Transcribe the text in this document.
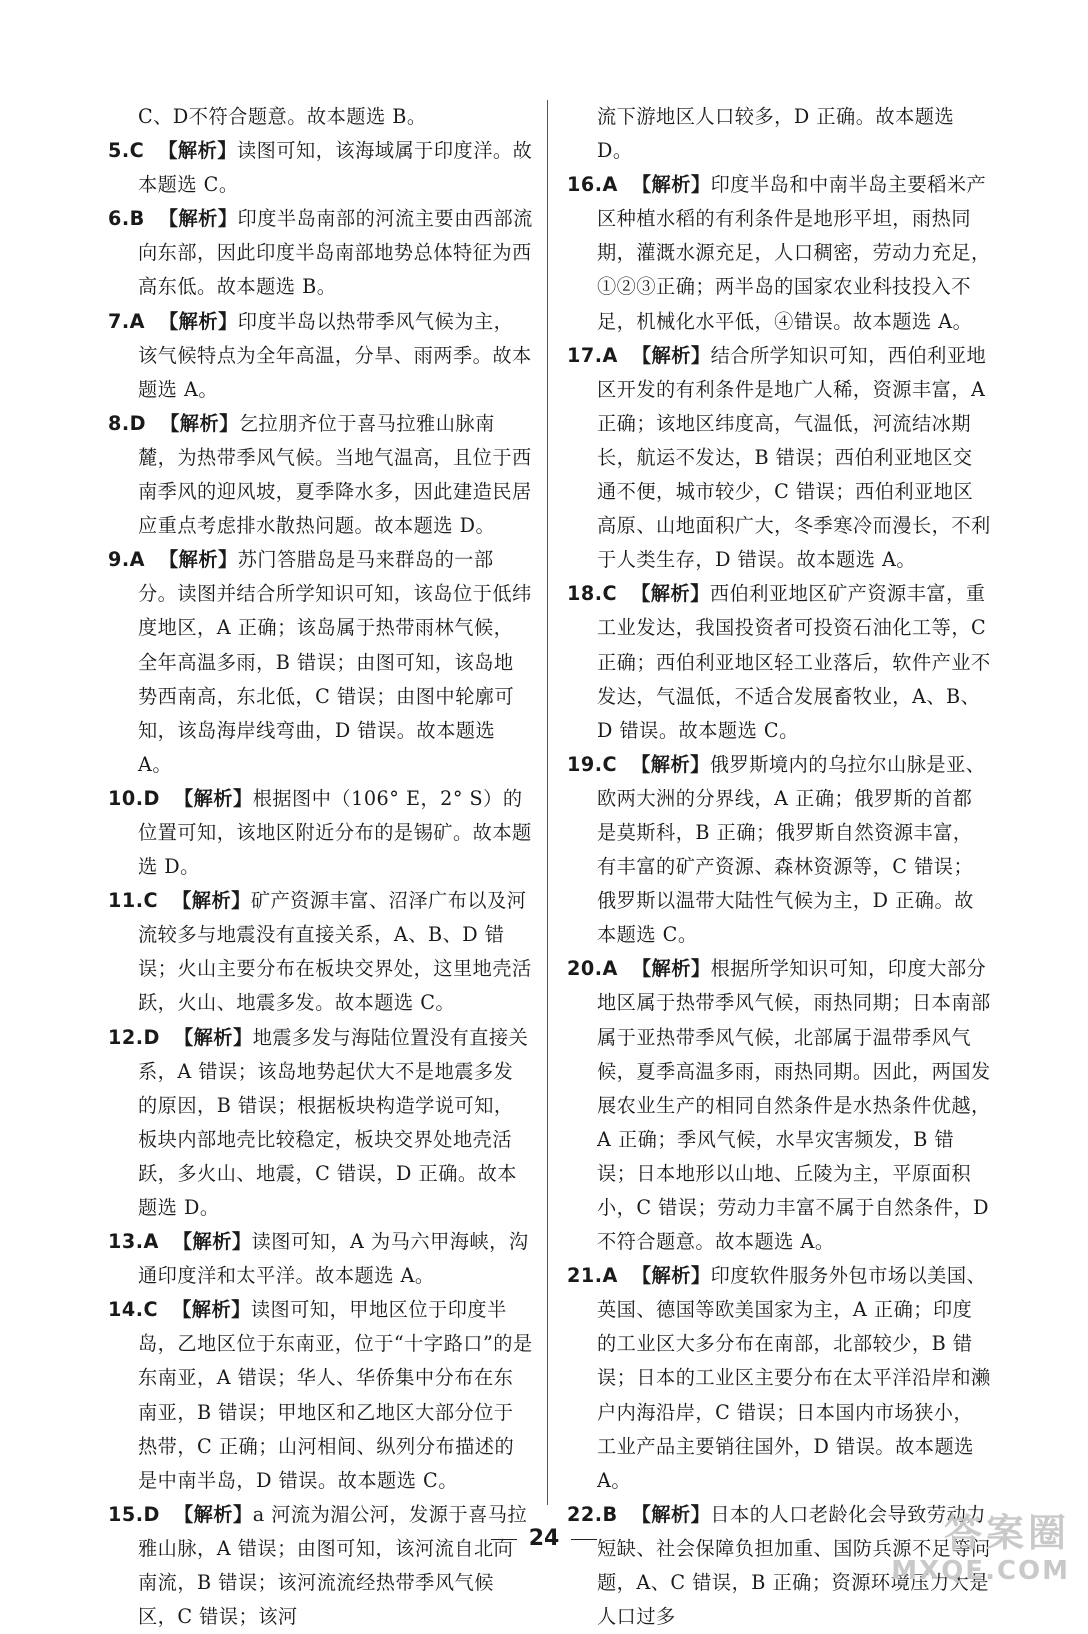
C、D不符合题意。故本题选 B。

5.C 【解析】读图可知，该海域属于印度洋。故本题选 C。

6.B 【解析】印度半岛南部的河流主要由西部流向东部，因此印度半岛南部地势总体特征为西高东低。故本题选 B。

7.A 【解析】印度半岛以热带季风气候为主，该气候特点为全年高温，分旱、雨两季。故本题选 A。

8.D 【解析】乞拉朋齐位于喜马拉雅山脉南麓，为热带季风气候。当地气温高，且位于西南季风的迎风坡，夏季降水多，因此建造民居应重点考虑排水散热问题。故本题选 D。

9.A 【解析】苏门答腊岛是马来群岛的一部分。读图并结合所学知识可知，该岛位于低纬度地区，A 正确；该岛属于热带雨林气候，全年高温多雨，B 错误；由图可知，该岛地势西南高，东北低，C 错误；由图中轮廓可知，该岛海岸线弯曲，D 错误。故本题选 A。

10.D 【解析】根据图中（106° E，2° S）的位置可知，该地区附近分布的是锡矿。故本题选 D。

11.C 【解析】矿产资源丰富、沼泽广布以及河流较多与地震没有直接关系，A、B、D 错误；火山主要分布在板块交界处，这里地壳活跃，火山、地震多发。故本题选 C。

12.D 【解析】地震多发与海陆位置没有直接关系，A 错误；该岛地势起伏大不是地震多发的原因，B 错误；根据板块构造学说可知，板块内部地壳比较稳定，板块交界处地壳活跃，多火山、地震，C 错误，D 正确。故本题选 D。

13.A 【解析】读图可知，A 为马六甲海峡，沟通印度洋和太平洋。故本题选 A。

14.C 【解析】读图可知，甲地区位于印度半岛，乙地区位于东南亚，位于“十字路口”的是东南亚，A 错误；华人、华侨集中分布在东南亚，B 错误；甲地区和乙地区大部分位于热带，C 正确；山河相间、纵列分布描述的是中南半岛，D 错误。故本题选 C。

15.D 【解析】a 河流为湄公河，发源于喜马拉雅山脉，A 错误；由图可知，该河流自北向南流，B 错误；该河流流经热带季风气候区，C 错误；该河

流下游地区人口较多，D 正确。故本题选 D。

16.A 【解析】印度半岛和中南半岛主要稻米产区种植水稻的有利条件是地形平坦，雨热同期，灌溉水源充足，人口稠密，劳动力充足，①②③正确；两半岛的国家农业科技投入不足，机械化水平低，④错误。故本题选 A。

17.A 【解析】结合所学知识可知，西伯利亚地区开发的有利条件是地广人稀，资源丰富，A 正确；该地区纬度高，气温低，河流结冰期长，航运不发达，B 错误；西伯利亚地区交通不便，城市较少，C 错误；西伯利亚地区高原、山地面积广大，冬季寒冷而漫长，不利于人类生存，D 错误。故本题选 A。

18.C 【解析】西伯利亚地区矿产资源丰富，重工业发达，我国投资者可投资石油化工等，C 正确；西伯利亚地区轻工业落后，软件产业不发达，气温低，不适合发展畜牧业，A、B、D 错误。故本题选 C。

19.C 【解析】俄罗斯境内的乌拉尔山脉是亚、欧两大洲的分界线，A 正确；俄罗斯的首都是莫斯科，B 正确；俄罗斯自然资源丰富，有丰富的矿产资源、森林资源等，C 错误；俄罗斯以温带大陆性气候为主，D 正确。故本题选 C。

20.A 【解析】根据所学知识可知，印度大部分地区属于热带季风气候，雨热同期；日本南部属于亚热带季风气候，北部属于温带季风气候，夏季高温多雨，雨热同期。因此，两国发展农业生产的相同自然条件是水热条件优越，A 正确；季风气候，水旱灾害频发，B 错误；日本地形以山地、丘陵为主，平原面积小，C 错误；劳动力丰富不属于自然条件，D 不符合题意。故本题选 A。

21.A 【解析】印度软件服务外包市场以美国、英国、德国等欧美国家为主，A 正确；印度的工业区大多分布在南部，北部较少，B 错误；日本的工业区主要分布在太平洋沿岸和濑户内海沿岸，C 错误；日本国内市场狭小，工业产品主要销往国外，D 错误。故本题选 A。

22.B 【解析】日本的人口老龄化会导致劳动力短缺、社会保障负担加重、国防兵源不足等问题，A、C 错误，B 正确；资源环境压力大是人口过多

24	答案圈
MXQE.COM
